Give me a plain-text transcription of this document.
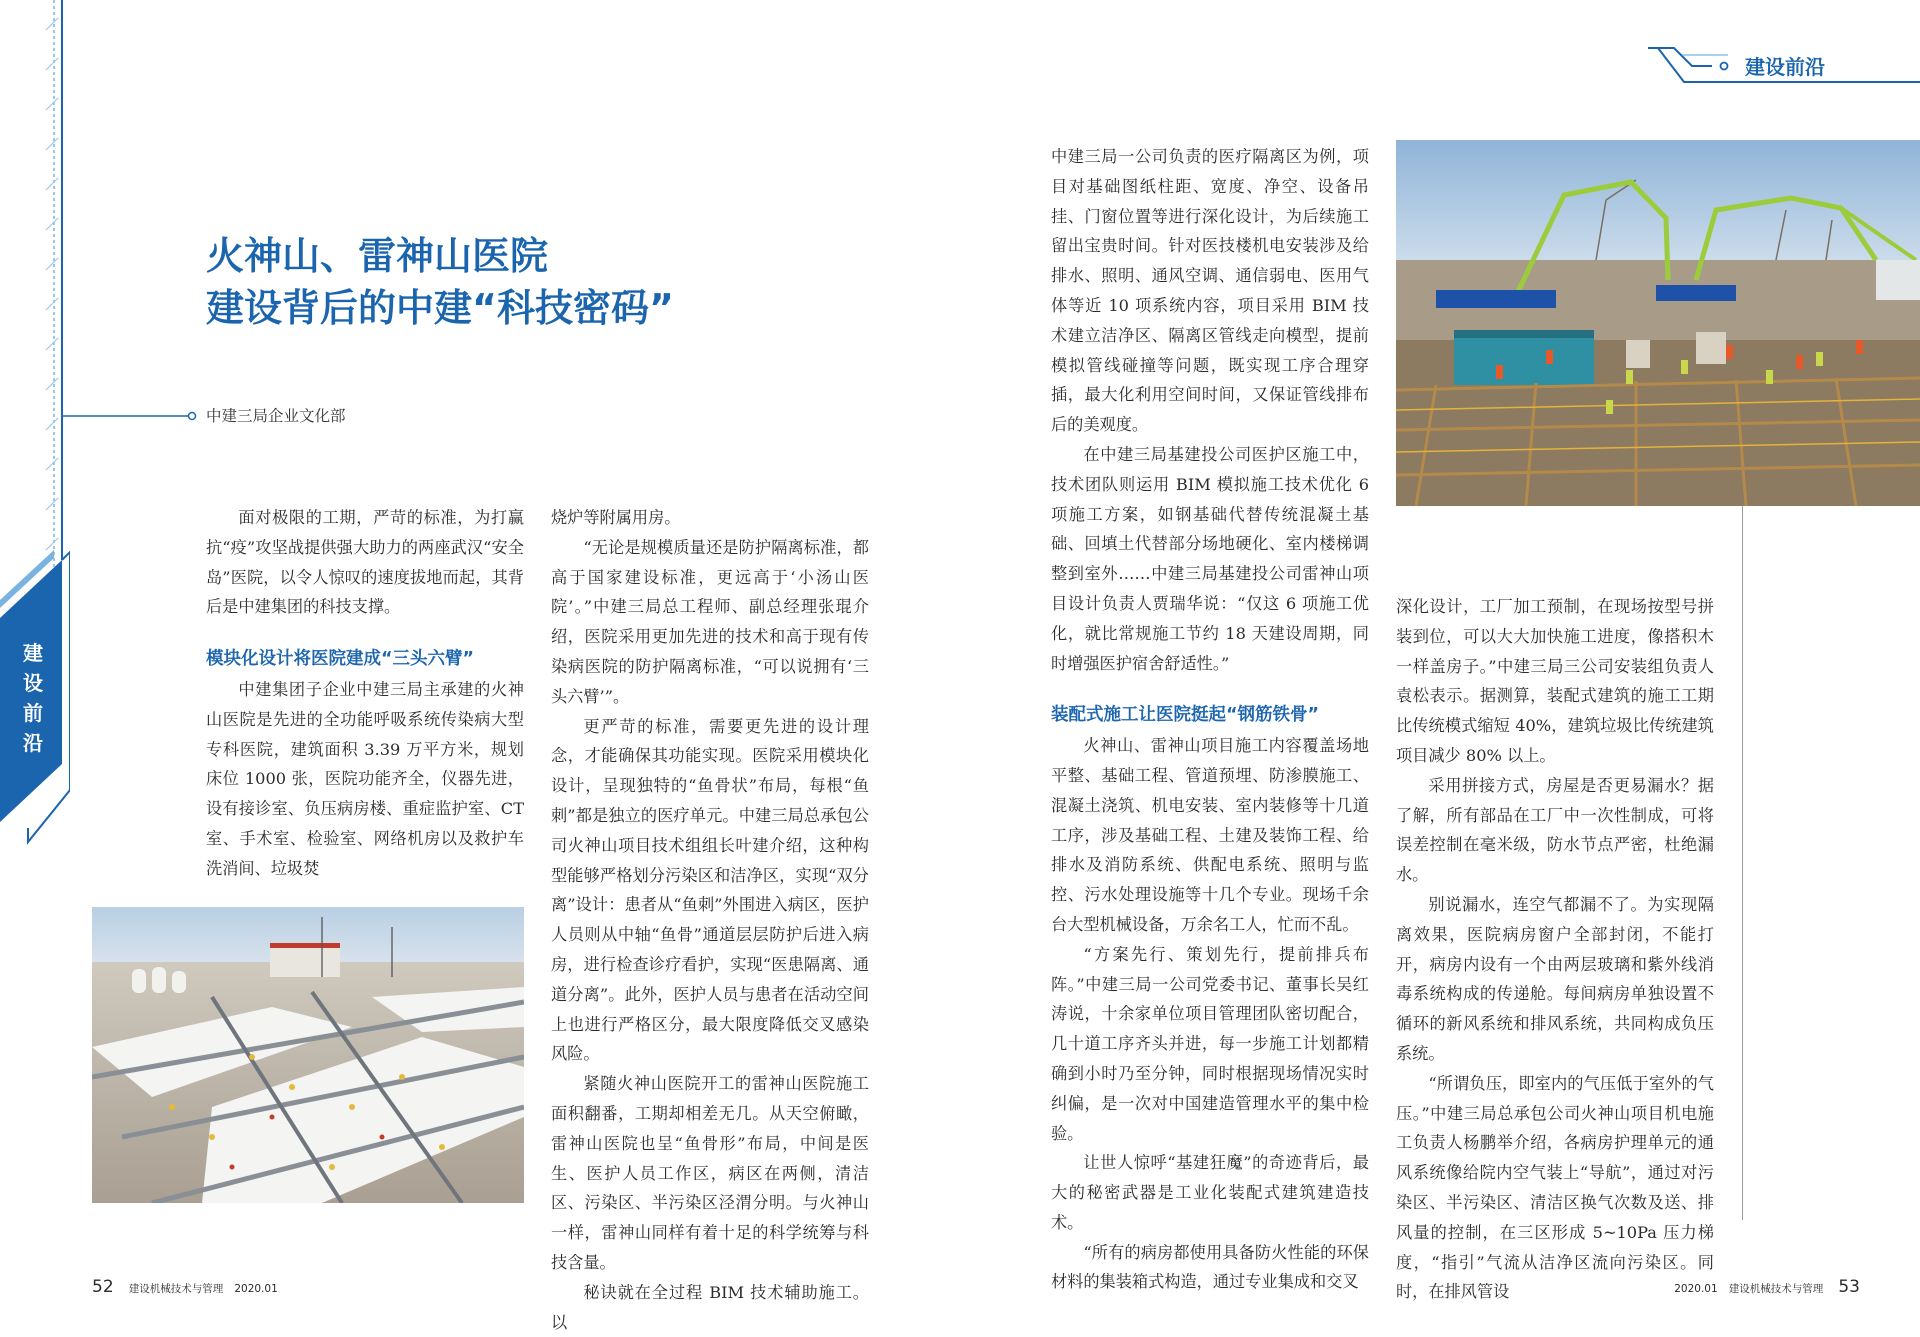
建
设
前
沿

火神山、雷神山医院

建设背后的中建“科技密码”

中建三局企业文化部

面对极限的工期，严苛的标准，为打赢抗“疫”攻坚战提供强大助力的两座武汉“安全岛”医院，以令人惊叹的速度拔地而起，其背后是中建集团的科技支撑。

模块化设计将医院建成“三头六臂”

中建集团子企业中建三局主承建的火神山医院是先进的全功能呼吸系统传染病大型专科医院，建筑面积 3.39 万平方米，规划床位 1000 张，医院功能齐全，仪器先进，设有接诊室、负压病房楼、重症监护室、CT 室、手术室、检验室、网络机房以及救护车洗消间、垃圾焚

烧炉等附属用房。

“无论是规模质量还是防护隔离标准，都高于国家建设标准，更远高于‘小汤山医院’。”中建三局总工程师、副总经理张琨介绍，医院采用更加先进的技术和高于现有传染病医院的防护隔离标准，“可以说拥有‘三头六臂’”。

更严苛的标准，需要更先进的设计理念，才能确保其功能实现。医院采用模块化设计，呈现独特的“鱼骨状”布局，每根“鱼刺”都是独立的医疗单元。中建三局总承包公司火神山项目技术组组长叶建介绍，这种构型能够严格划分污染区和洁净区，实现“双分离”设计：患者从“鱼刺”外围进入病区，医护人员则从中轴“鱼骨”通道层层防护后进入病房，进行检查诊疗看护，实现“医患隔离、通道分离”。此外，医护人员与患者在活动空间上也进行严格区分，最大限度降低交叉感染风险。

紧随火神山医院开工的雷神山医院施工面积翻番，工期却相差无几。从天空俯瞰，雷神山医院也呈“鱼骨形”布局，中间是医生、医护人员工作区，病区在两侧，清洁区、污染区、半污染区泾渭分明。与火神山一样，雷神山同样有着十足的科学统筹与科技含量。

秘诀就在全过程 BIM 技术辅助施工。以

52 建设机械技术与管理 2020.01
建设前沿

中建三局一公司负责的医疗隔离区为例，项目对基础图纸柱距、宽度、净空、设备吊挂、门窗位置等进行深化设计，为后续施工留出宝贵时间。针对医技楼机电安装涉及给排水、照明、通风空调、通信弱电、医用气体等近 10 项系统内容，项目采用 BIM 技术建立洁净区、隔离区管线走向模型，提前模拟管线碰撞等问题，既实现工序合理穿插，最大化利用空间时间，又保证管线排布后的美观度。

在中建三局基建投公司医护区施工中，技术团队则运用 BIM 模拟施工技术优化 6 项施工方案，如钢基础代替传统混凝土基础、回填土代替部分场地硬化、室内楼梯调整到室外……中建三局基建投公司雷神山项目设计负责人贾瑞华说：“仅这 6 项施工优化，就比常规施工节约 18 天建设周期，同时增强医护宿舍舒适性。”

装配式施工让医院挺起“钢筋铁骨”

火神山、雷神山项目施工内容覆盖场地平整、基础工程、管道预埋、防渗膜施工、混凝土浇筑、机电安装、室内装修等十几道工序，涉及基础工程、土建及装饰工程、给排水及消防系统、供配电系统、照明与监控、污水处理设施等十几个专业。现场千余台大型机械设备，万余名工人，忙而不乱。

“方案先行、策划先行，提前排兵布阵。”中建三局一公司党委书记、董事长吴红涛说，十余家单位项目管理团队密切配合，几十道工序齐头并进，每一步施工计划都精确到小时乃至分钟，同时根据现场情况实时纠偏，是一次对中国建造管理水平的集中检验。

让世人惊呼“基建狂魔”的奇迹背后，最大的秘密武器是工业化装配式建筑建造技术。

“所有的病房都使用具备防火性能的环保材料的集装箱式构造，通过专业集成和交叉

深化设计，工厂加工预制，在现场按型号拼装到位，可以大大加快施工进度，像搭积木一样盖房子。”中建三局三公司安装组负责人袁松表示。据测算，装配式建筑的施工工期比传统模式缩短 40%，建筑垃圾比传统建筑项目减少 80% 以上。

采用拼接方式，房屋是否更易漏水？据了解，所有部品在工厂中一次性制成，可将误差控制在毫米级，防水节点严密，杜绝漏水。

别说漏水，连空气都漏不了。为实现隔离效果，医院病房窗户全部封闭，不能打开，病房内设有一个由两层玻璃和紫外线消毒系统构成的传递舱。每间病房单独设置不循环的新风系统和排风系统，共同构成负压系统。

“所谓负压，即室内的气压低于室外的气压。”中建三局总承包公司火神山项目机电施工负责人杨鹏举介绍，各病房护理单元的通风系统像给院内空气装上“导航”，通过对污染区、半污染区、清洁区换气次数及送、排风量的控制，在三区形成 5~10Pa 压力梯度，“指引”气流从洁净区流向污染区。同时，在排风管设	2020.01 建设机械技术与管理 53
